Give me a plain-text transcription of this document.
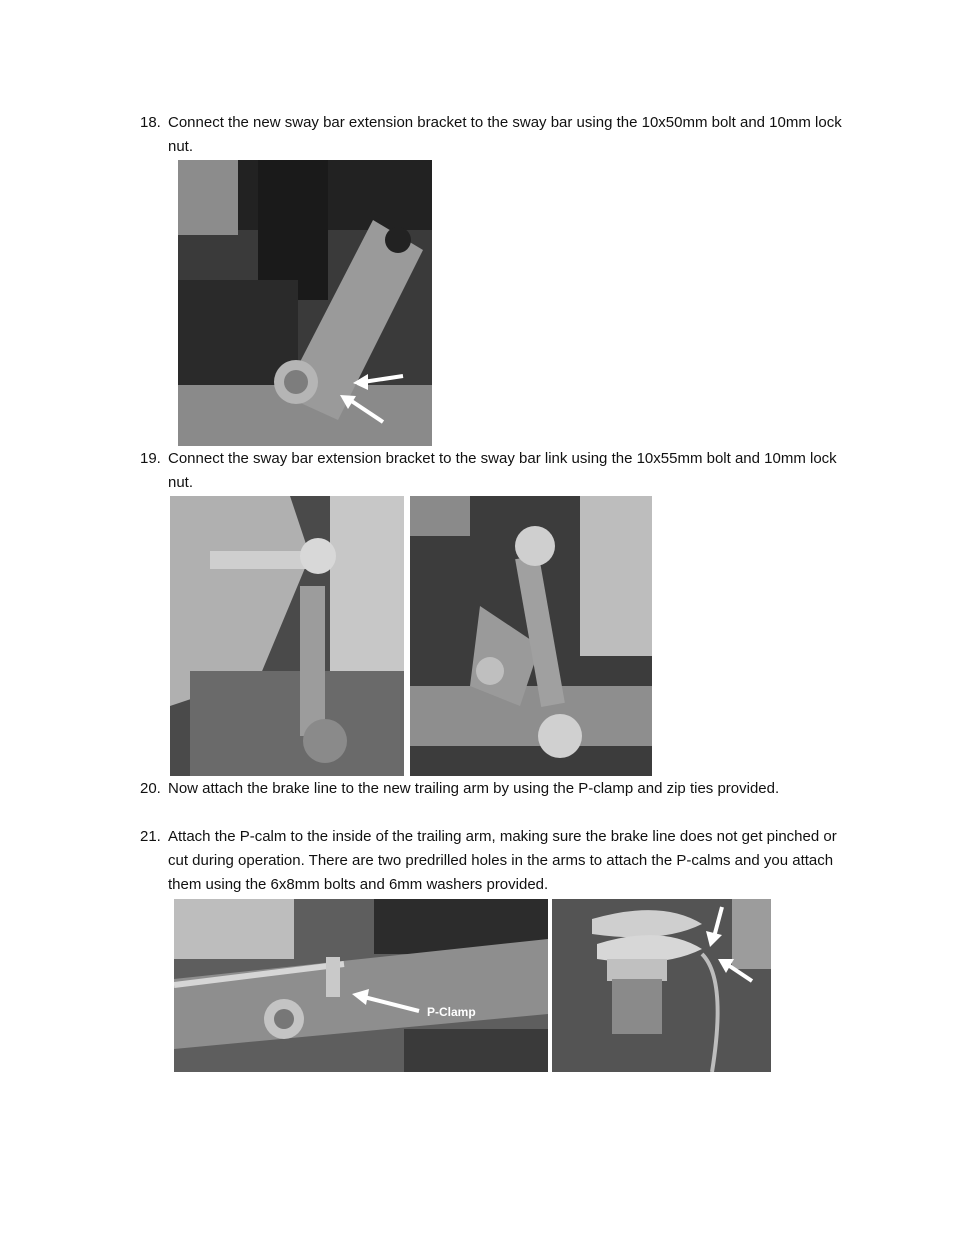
18. Connect the new sway bar extension bracket to the sway bar using the 10x50mm bolt and 10mm lock nut.
19. Connect the sway bar extension bracket to the sway bar link using the 10x55mm bolt and 10mm lock nut.
20. Now attach the brake line to the new trailing arm by using the P-clamp and zip ties provided.
21. Attach the P-calm to the inside of the trailing arm, making sure the brake line does not get pinched or cut during operation. There are two predrilled holes in the arms to attach the P-calms and you attach them using the 6x8mm bolts and 6mm washers provided.
P-Clamp
